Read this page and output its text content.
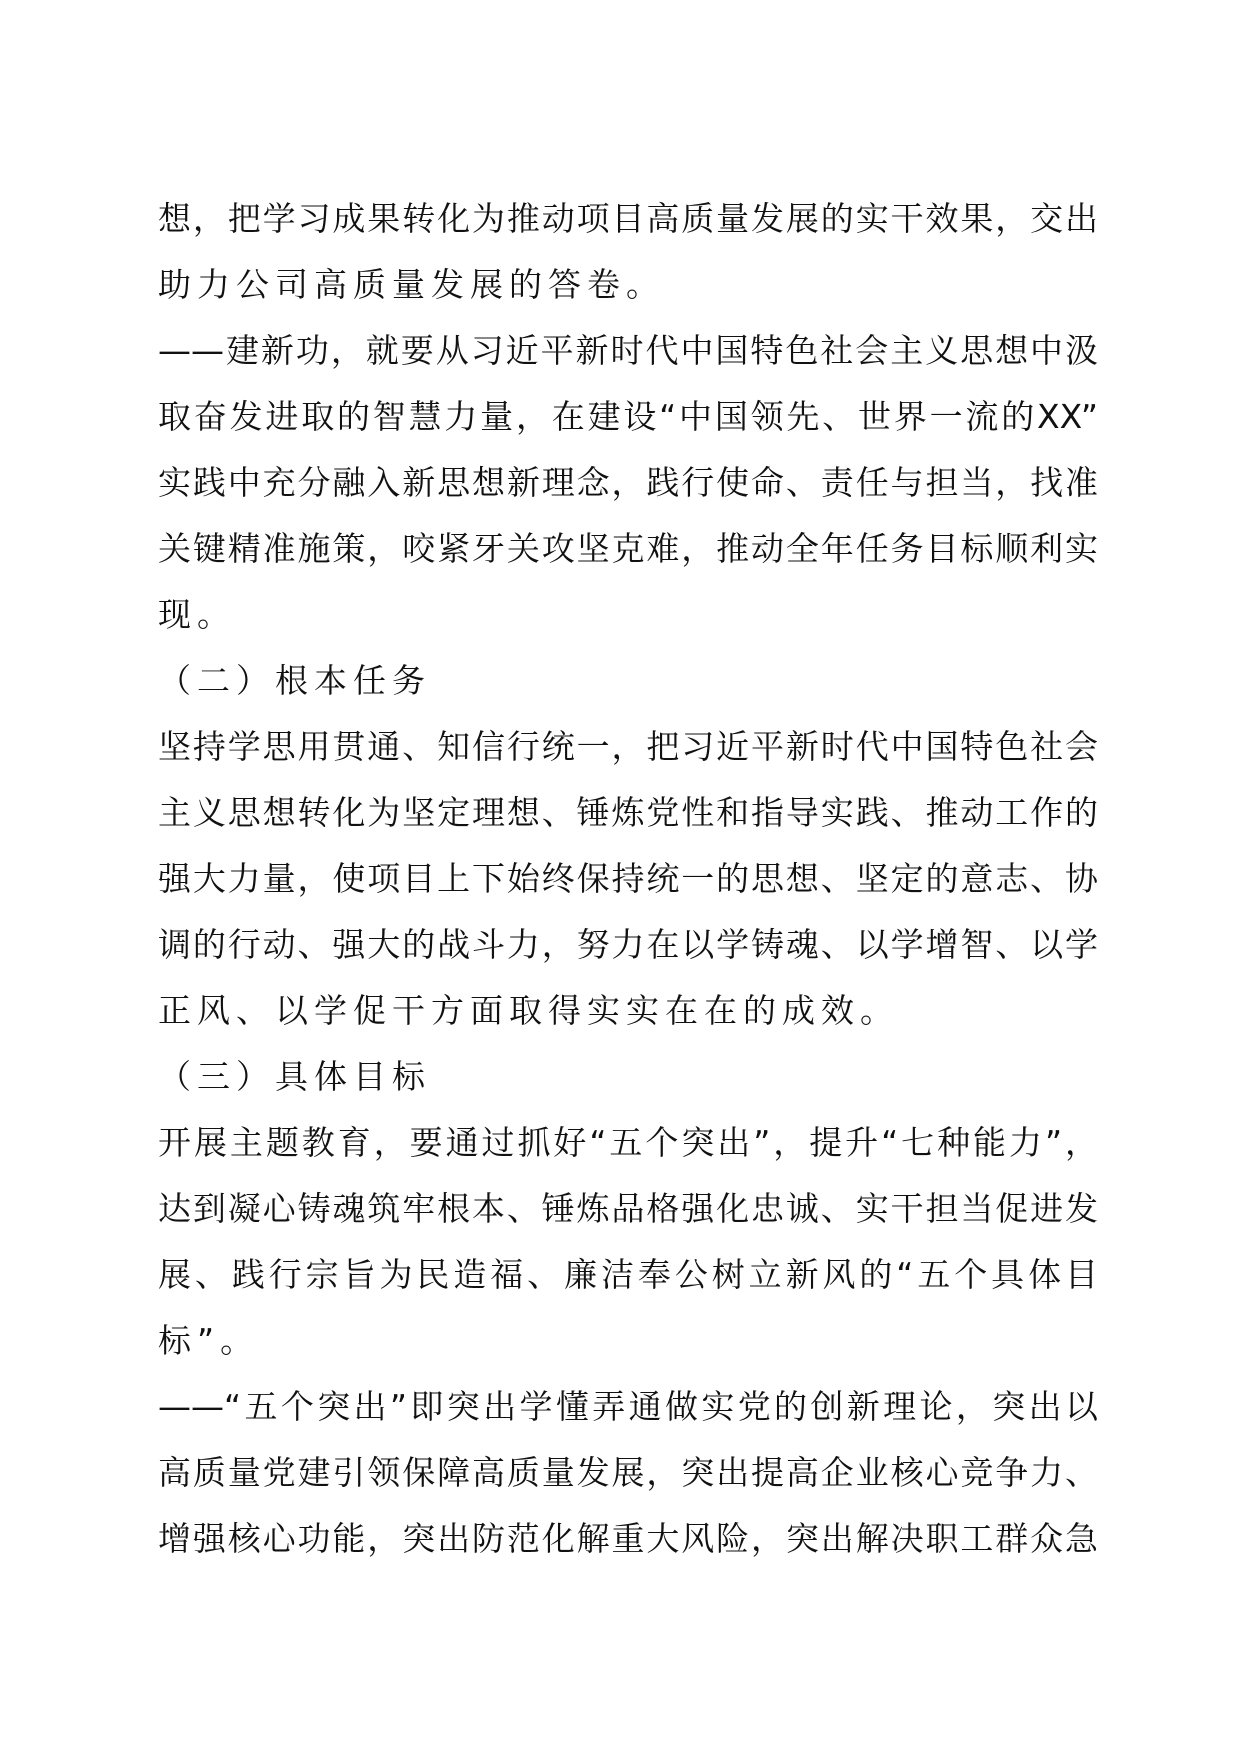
想，把学习成果转化为推动项目高质量发展的实干效果，交出
助力公司高质量发展的答卷。
——建新功，就要从习近平新时代中国特色社会主义思想中汲
取奋发进取的智慧力量，在建设“中国领先、世界一流的XX”
实践中充分融入新思想新理念，践行使命、责任与担当，找准
关键精准施策，咬紧牙关攻坚克难，推动全年任务目标顺利实
现。
（二）根本任务
坚持学思用贯通、知信行统一，把习近平新时代中国特色社会
主义思想转化为坚定理想、锤炼党性和指导实践、推动工作的
强大力量，使项目上下始终保持统一的思想、坚定的意志、协
调的行动、强大的战斗力，努力在以学铸魂、以学增智、以学
正风、以学促干方面取得实实在在的成效。
（三）具体目标
开展主题教育，要通过抓好“五个突出”，提升“七种能力”，
达到凝心铸魂筑牢根本、锤炼品格强化忠诚、实干担当促进发
展、践行宗旨为民造福、廉洁奉公树立新风的“五个具体目
标”。
——“五个突出”即突出学懂弄通做实党的创新理论，突出以
高质量党建引领保障高质量发展，突出提高企业核心竞争力、
增强核心功能，突出防范化解重大风险，突出解决职工群众急
